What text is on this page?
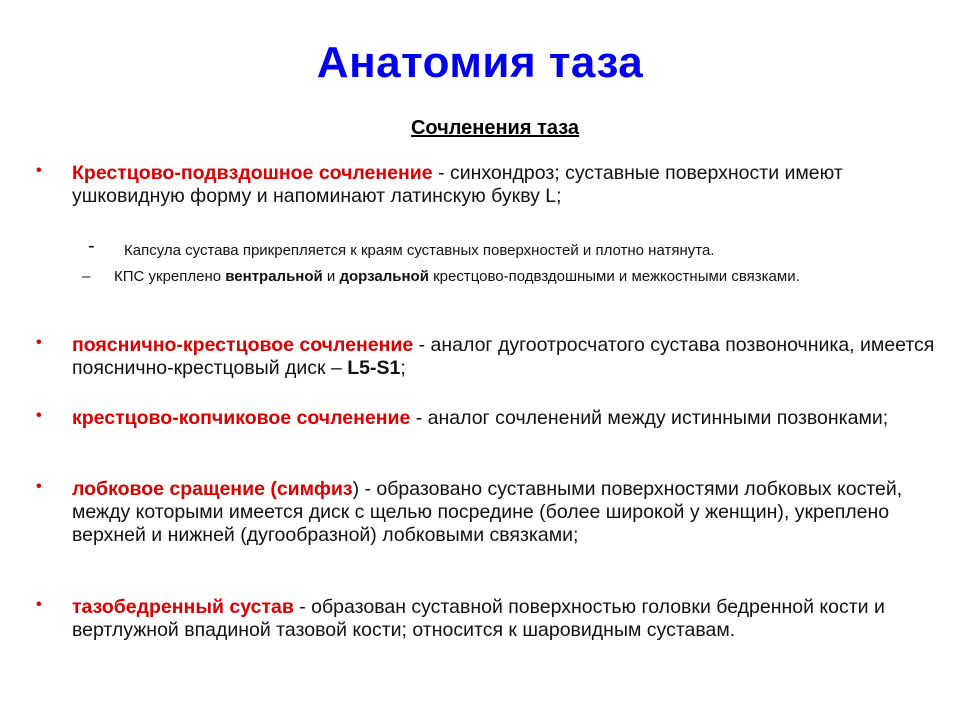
Анатомия таза
Сочленения таза
• Крестцово-подвздошное сочленение - синхондроз; суставные поверхности имеют ушковидную форму и напоминают латинскую букву L;
- Капсула сустава прикрепляется к краям суставных поверхностей и плотно натянута.
– КПС укреплено вентральной и дорзальной крестцово-подвздошными и межкостными связками.
• пояснично-крестцовое сочленение - аналог дугоотросчатого сустава позвоночника, имеется пояснично-крестцовый диск – L5-S1;
• крестцово-копчиковое сочленение - аналог сочленений между истинными позвонками;
• лобковое сращение (симфиз) - образовано суставными поверхностями лобковых костей, между которыми имеется диск с щелью посредине (более широкой у женщин), укреплено верхней и нижней (дугообразной) лобковыми связками;
• тазобедренный сустав - образован суставной поверхностью головки бедренной кости и вертлужной впадиной тазовой кости; относится к шаровидным суставам.
